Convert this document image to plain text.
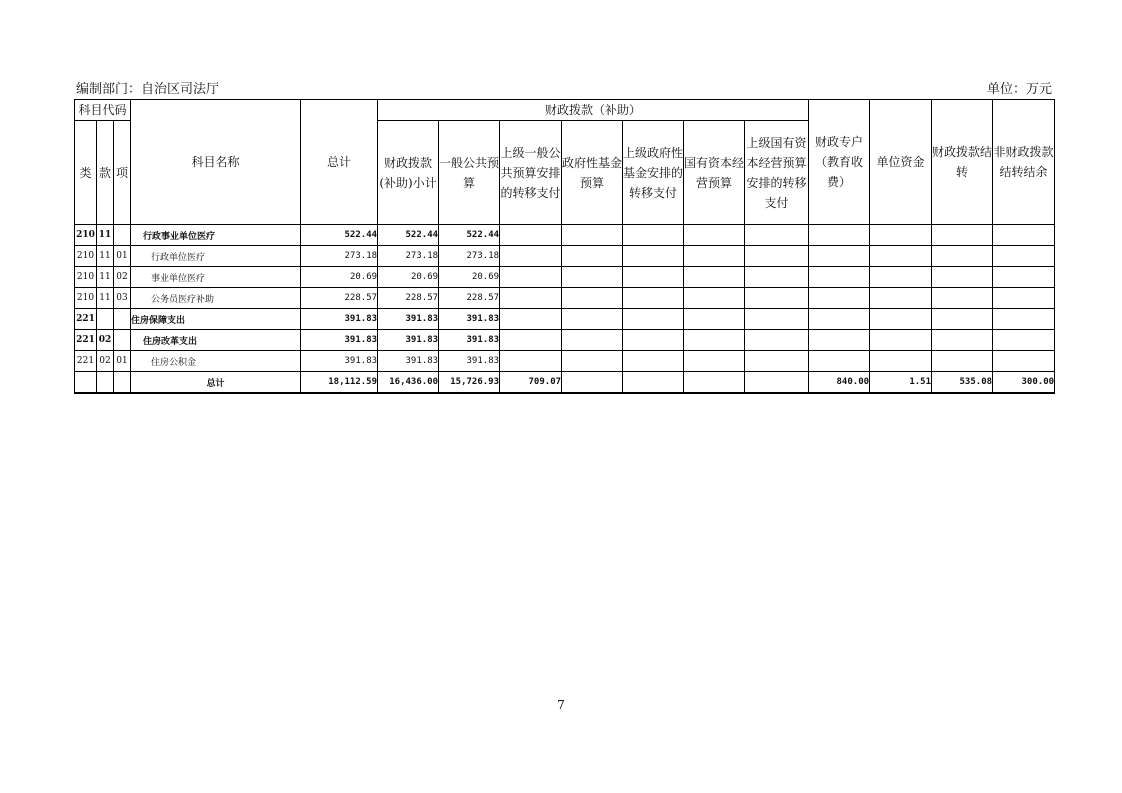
编制部门：自治区司法厅	单位：万元
科目代码			科目名称	总计	财政拨款（补助）							财政专户（教育收费）	单位资金	财政拨款结转	非财政拨款结转结余
类	款	项			财政拨款(补助)小计	一般公共预算	上级一般公共预算安排的转移支付	政府性基金预算	上级政府性基金安排的转移支付	国有资本经营预算	上级国有资本经营预算安排的转移支付				
210	11		行政事业单位医疗	522.44	522.44	522.44									
210	11	01	行政单位医疗	273.18	273.18	273.18									
210	11	02	事业单位医疗	20.69	20.69	20.69									
210	11	03	公务员医疗补助	228.57	228.57	228.57									
221			住房保障支出	391.83	391.83	391.83									
221	02		住房改革支出	391.83	391.83	391.83									
221	02	01	住房公积金	391.83	391.83	391.83									
			总计	18,112.59	16,436.00	15,726.93	709.07					840.00	1.51	535.08	300.00
7
